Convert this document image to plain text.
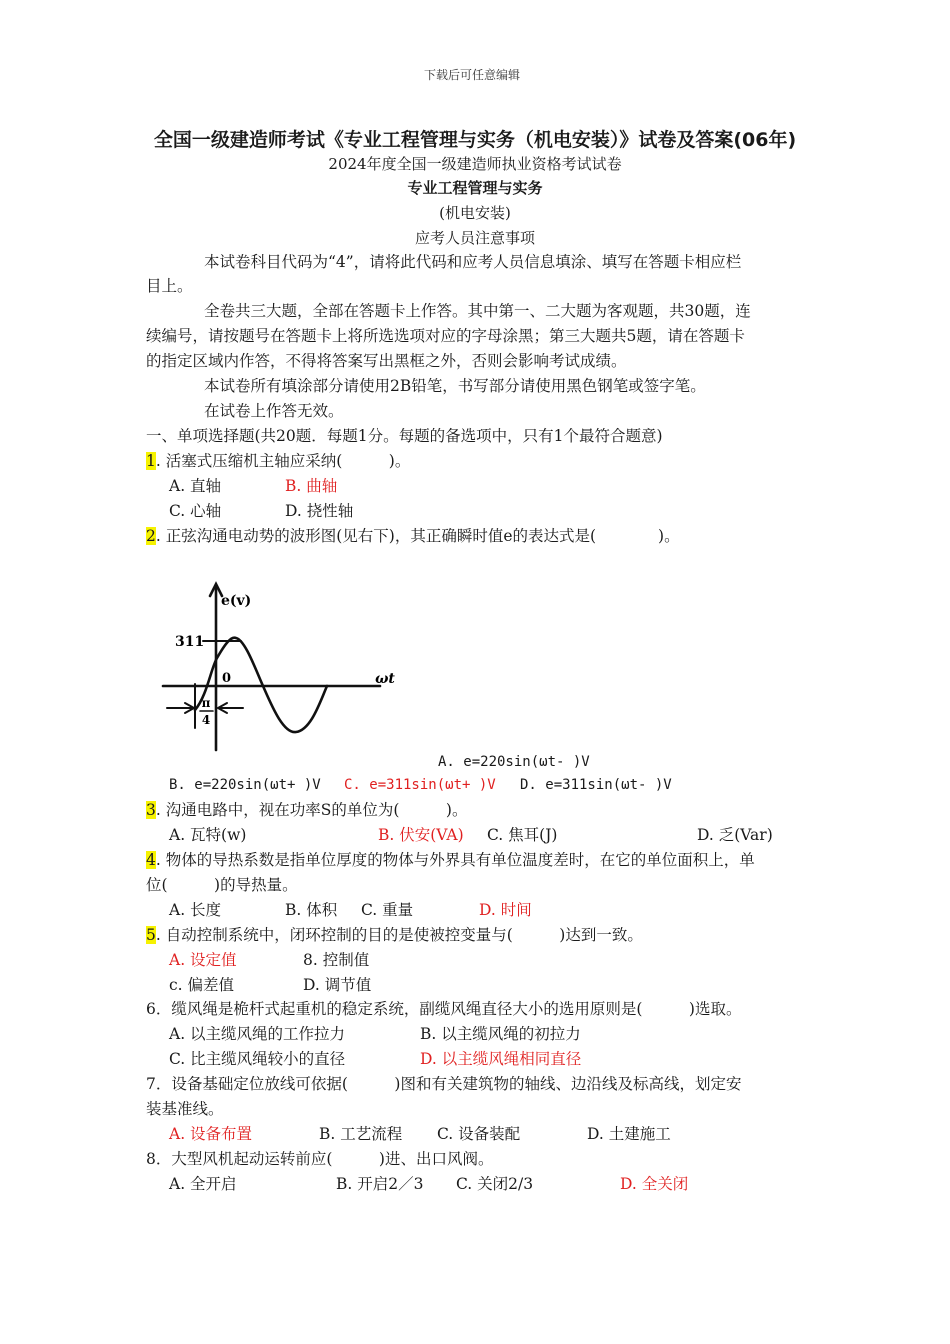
下载后可任意编辑
全国一级建造师考试《专业工程管理与实务（机电安装）》试卷及答案(06年)
2024年度全国一级建造师执业资格考试试卷
专业工程管理与实务
(机电安装)
应考人员注意事项
本试卷科目代码为“4”，请将此代码和应考人员信息填涂、填写在答题卡相应栏
目上。
全卷共三大题，全部在答题卡上作答。其中第一、二大题为客观题，共30题，连
续编号，请按题号在答题卡上将所选选项对应的字母涂黑；第三大题共5题，请在答题卡
的指定区域内作答，不得将答案写出黑框之外，否则会影响考试成绩。
本试卷所有填涂部分请使用2B铅笔，书写部分请使用黑色钢笔或签字笔。
在试卷上作答无效。
一、单项选择题(共20题．每题1分。每题的备选项中，只有1个最符合题意)
1. 活塞式压缩机主轴应采纳(　　　)。
A. 直轴	B. 曲轴
C. 心轴	D. 挠性轴
2. 正弦沟通电动势的波形图(见右下)，其正确瞬时值e的表达式是(　　　　)。
e(v)
ωt
311
0
π
4
A. e=220sin(ωt- )V
B. e=220sin(ωt+ )V C. e=311sin(ωt+ )V D. e=311sin(ωt- )V
3. 沟通电路中，视在功率S的单位为(　　　)。
A. 瓦特(w)	B. 伏安(VA) C. 焦耳(J)	D. 乏(Var)
4. 物体的导热系数是指单位厚度的物体与外界具有单位温度差时，在它的单位面积上，单
位(　　　)的导热量。
A. 长度	B. 体积 C. 重量	D. 时间
5. 自动控制系统中，闭环控制的目的是使被控变量与(　　　)达到一致。
A. 设定值	8. 控制值
c. 偏差值	D. 调节值
6．缆风绳是桅杆式起重机的稳定系统，副缆风绳直径大小的选用原则是(　　　)选取。
A. 以主缆风绳的工作拉力	B. 以主缆风绳的初拉力
C. 比主缆风绳较小的直径	D. 以主缆风绳相同直径
7．设备基础定位放线可依据(　　　)图和有关建筑物的轴线、边沿线及标高线，划定安
装基准线。
A. 设备布置	B. 工艺流程 C. 设备装配	D. 土建施工
8．大型风机起动运转前应(　　　)进、出口风阀。
A. 全开启	B. 开启2／3 C. 关闭2/3	D. 全关闭
